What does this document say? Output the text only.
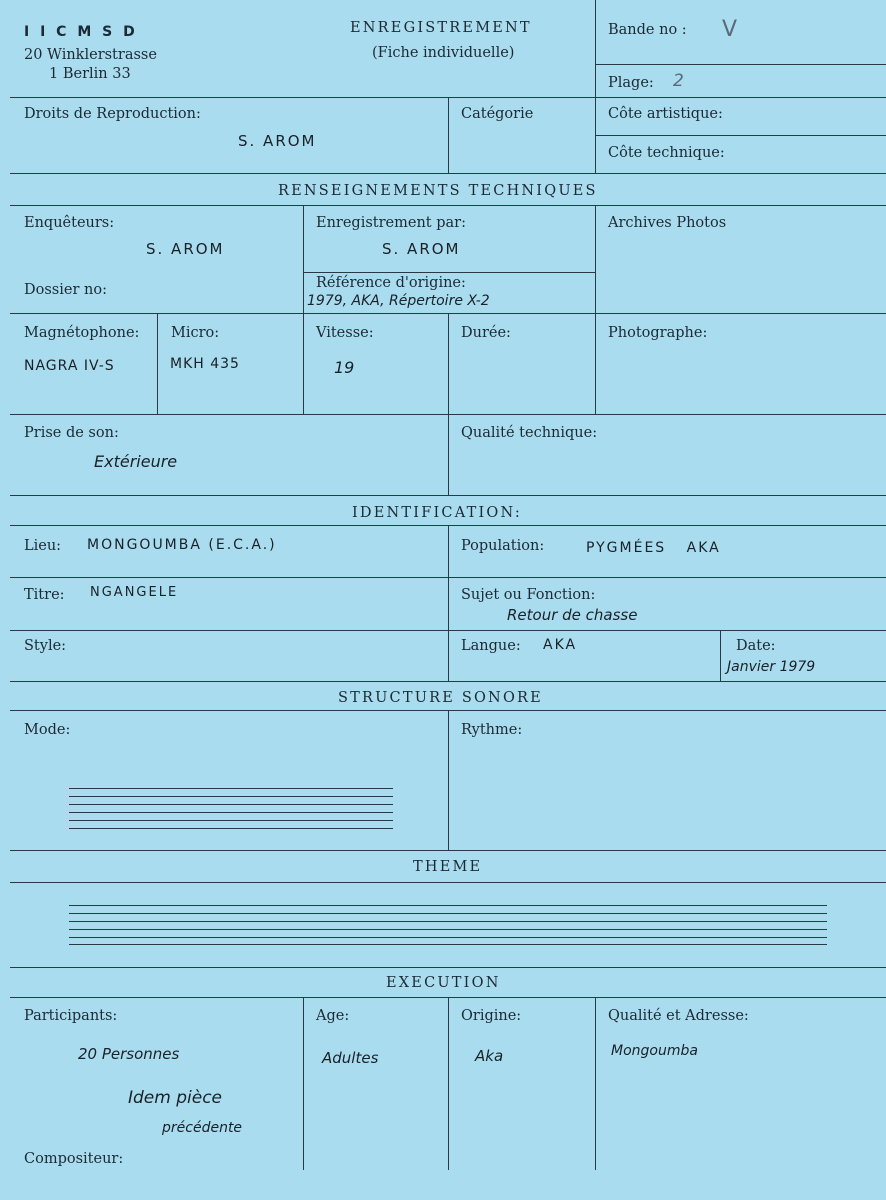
I I C M S D
20 Winklerstrasse
1 Berlin 33
ENREGISTREMENT
(Fiche individuelle)
Bande no : V
Plage: 2
Droits de Reproduction:
S. AROM
Catégorie	Côte artistique:
Côte technique:
RENSEIGNEMENTS TECHNIQUES
Enquêteurs:
S. AROM
Enregistrement par:
S. AROM
Archives Photos
Dossier no:	Référence d'origine:
1979, AKA, Répertoire X-2
Magnétophone:
NAGRA IV-S
Micro:
MKH 435
Vitesse:
19
Durée:	Photographe:
Prise de son:
Extérieure
Qualité technique:
IDENTIFICATION:
Lieu: MONGOUMBA (E.C.A.)	Population:	PYGMÉES AKA
Titre: NGANGELE	Sujet ou Fonction:
Retour de chasse
Style:	Langue: AKA	Date:
Janvier 1979
STRUCTURE SONORE
Mode:	Rythme:
THEME
EXECUTION
Participants:
20 Personnes
Idem pièce
précédente
Age:
Adultes
Origine:
Aka
Qualité et Adresse:
Mongoumba
Compositeur:
